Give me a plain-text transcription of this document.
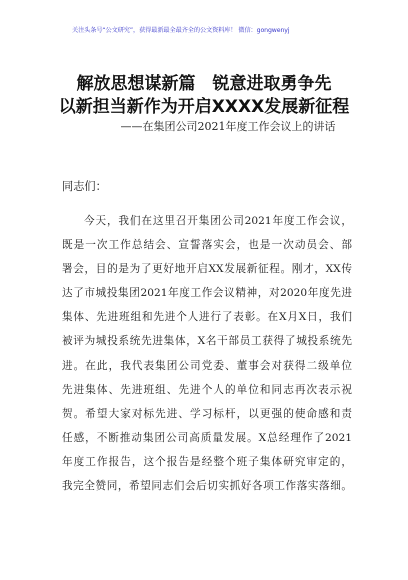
关注头条号“公文研究”，获得最新最全最齐全的公文资料库！ 微信：gongwenyj
解放思想谋新篇　锐意进取勇争先
以新担当新作为开启XXXX发展新征程
——在集团公司2021年度工作会议上的讲话
同志们：
今天，我们在这里召开集团公司2021年度工作会议，
既是一次工作总结会、宣誓落实会，也是一次动员会、部
署会，目的是为了更好地开启XX发展新征程。刚才，XX传
达了市城投集团2021年度工作会议精神，对2020年度先进
集体、先进班组和先进个人进行了表彰。在X月X日，我们
被评为城投系统先进集体，X名干部员工获得了城投系统先
进。在此，我代表集团公司党委、董事会对获得二级单位
先进集体、先进班组、先进个人的单位和同志再次表示祝
贺。希望大家对标先进、学习标杆，以更强的使命感和责
任感，不断推动集团公司高质量发展。X总经理作了2021
年度工作报告，这个报告是经整个班子集体研究审定的，
我完全赞同，希望同志们会后切实抓好各项工作落实落细。
